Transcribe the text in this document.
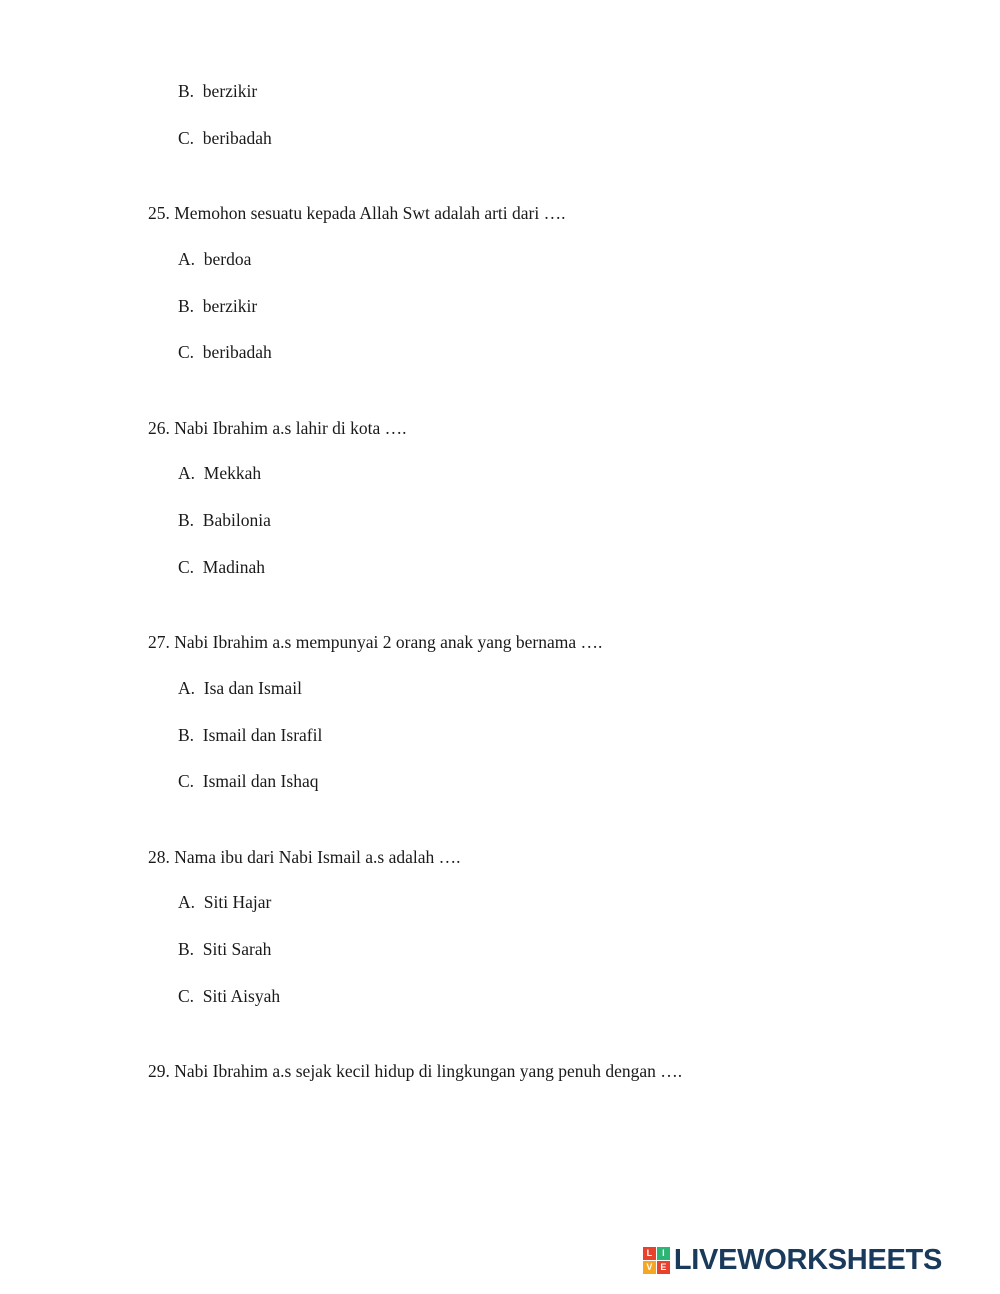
B.  berzikir

C.  beribadah

25. Memohon sesuatu kepada Allah Swt adalah arti dari ….

A.  berdoa

B.  berzikir

C.  beribadah

26. Nabi Ibrahim a.s lahir di kota ….

A.  Mekkah

B.  Babilonia

C.  Madinah

27. Nabi Ibrahim a.s mempunyai 2 orang anak yang bernama ….

A.  Isa dan Ismail

B.  Ismail dan Israfil

C.  Ismail dan Ishaq

28. Nama ibu dari Nabi Ismail a.s adalah ….

A.  Siti Hajar

B.  Siti Sarah

C.  Siti Aisyah

29. Nabi Ibrahim a.s sejak kecil hidup di lingkungan yang penuh dengan ….

L	I
V E LIVEWORKSHEETS
